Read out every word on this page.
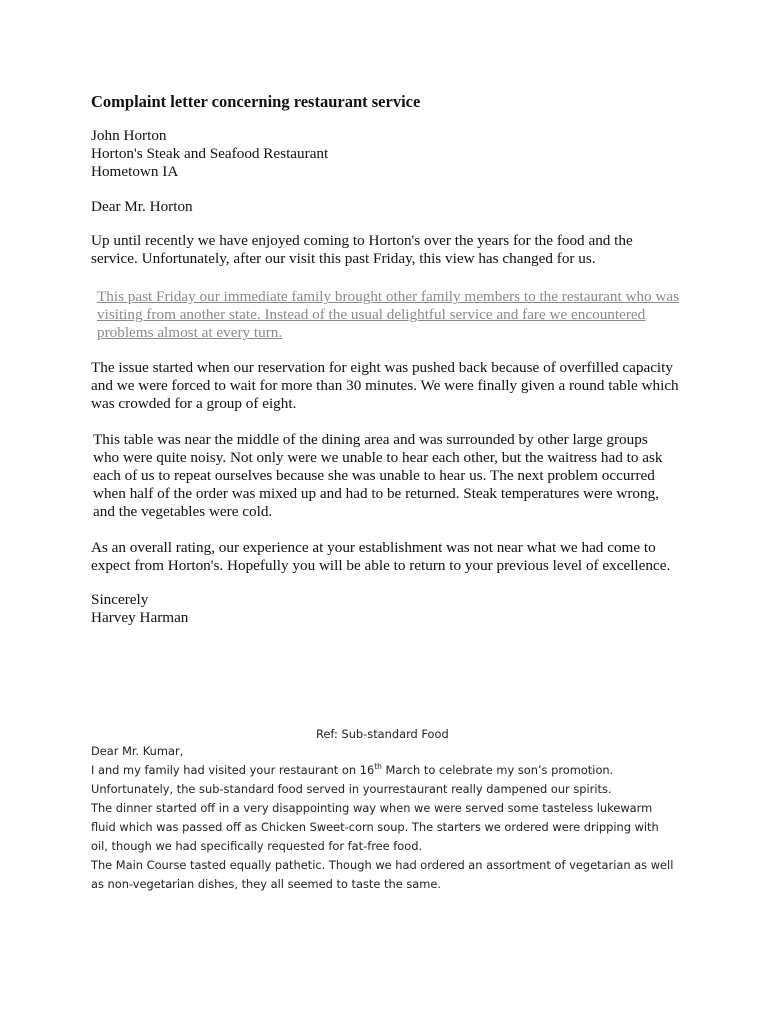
Complaint letter concerning restaurant service
John Horton
Horton's Steak and Seafood Restaurant
Hometown IA
Dear Mr. Horton
Up until recently we have enjoyed coming to Horton's over the years for the food and the
service. Unfortunately, after our visit this past Friday, this view has changed for us.
This past Friday our immediate family brought other family members to the restaurant who was
visiting from another state. Instead of the usual delightful service and fare we encountered
problems almost at every turn.
The issue started when our reservation for eight was pushed back because of overfilled capacity
and we were forced to wait for more than 30 minutes. We were finally given a round table which
was crowded for a group of eight.
This table was near the middle of the dining area and was surrounded by other large groups
who were quite noisy. Not only were we unable to hear each other, but the waitress had to ask
each of us to repeat ourselves because she was unable to hear us. The next problem occurred
when half of the order was mixed up and had to be returned. Steak temperatures were wrong,
and the vegetables were cold.
As an overall rating, our experience at your establishment was not near what we had come to
expect from Horton's. Hopefully you will be able to return to your previous level of excellence.
Sincerely
Harvey Harman
Ref: Sub-standard Food
Dear Mr. Kumar,
I and my family had visited your restaurant on 16th March to celebrate my son’s promotion.
Unfortunately, the sub-standard food served in yourrestaurant really dampened our spirits.
The dinner started off in a very disappointing way when we were served some tasteless lukewarm
fluid which was passed off as Chicken Sweet-corn soup. The starters we ordered were dripping with
oil, though we had specifically requested for fat-free food.
The Main Course tasted equally pathetic. Though we had ordered an assortment of vegetarian as well
as non-vegetarian dishes, they all seemed to taste the same.
